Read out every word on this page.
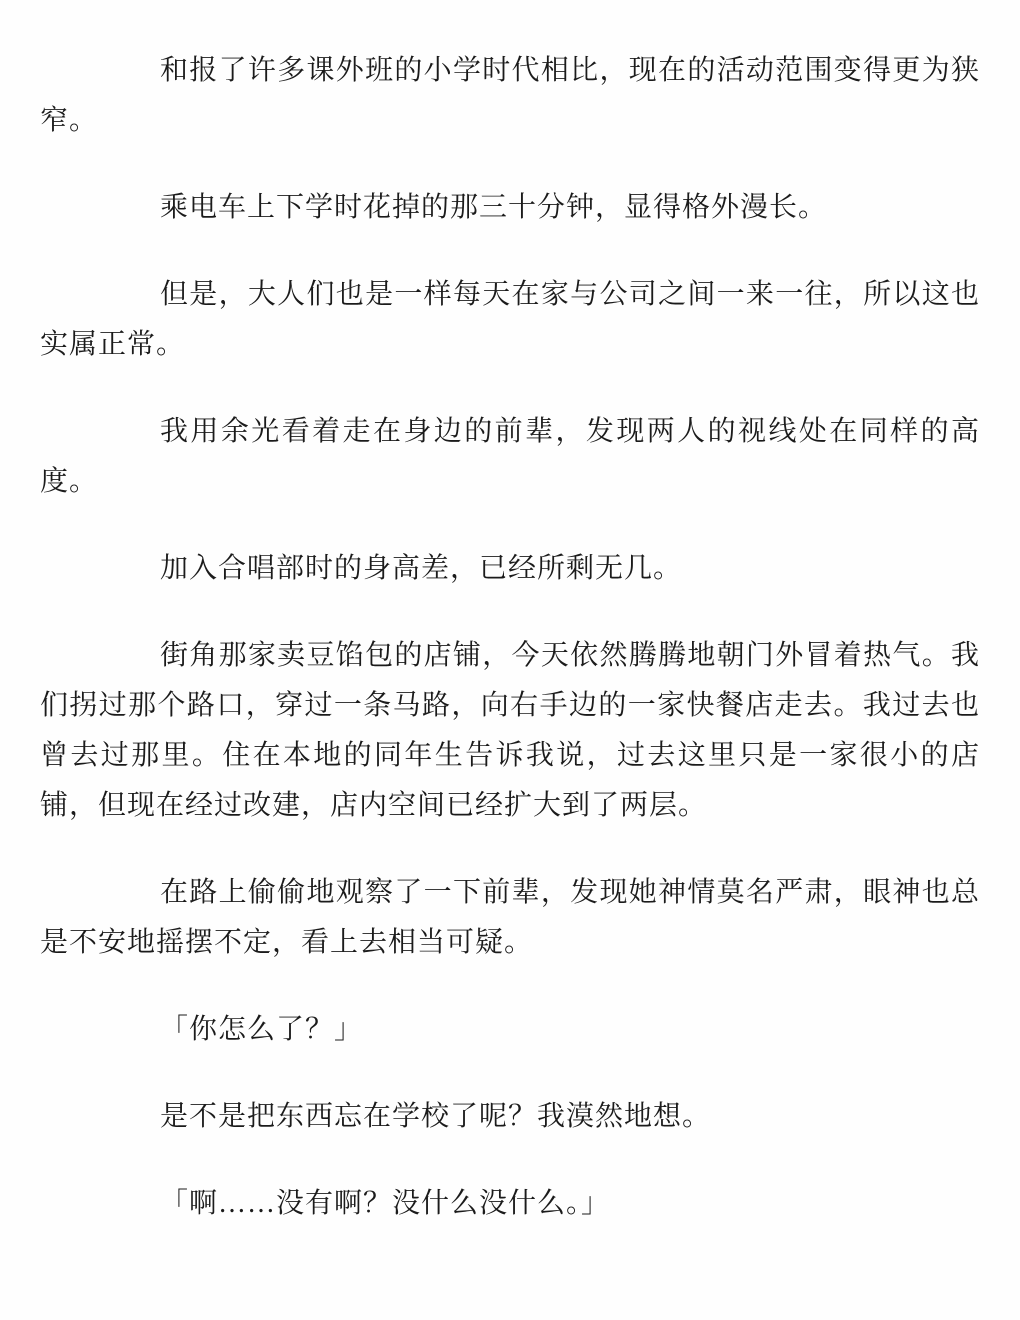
和报了许多课外班的小学时代相比，现在的活动范围变得更为狭窄。

乘电车上下学时花掉的那三十分钟，显得格外漫长。

但是，大人们也是一样每天在家与公司之间一来一往，所以这也实属正常。

我用余光看着走在身边的前辈，发现两人的视线处在同样的高度。

加入合唱部时的身高差，已经所剩无几。

街角那家卖豆馅包的店铺，今天依然腾腾地朝门外冒着热气。我们拐过那个路口，穿过一条马路，向右手边的一家快餐店走去。我过去也曾去过那里。住在本地的同年生告诉我说，过去这里只是一家很小的店铺，但现在经过改建，店内空间已经扩大到了两层。

在路上偷偷地观察了一下前辈，发现她神情莫名严肃，眼神也总是不安地摇摆不定，看上去相当可疑。

「你怎么了？」

是不是把东西忘在学校了呢？我漠然地想。

「啊……没有啊？没什么没什么。」
